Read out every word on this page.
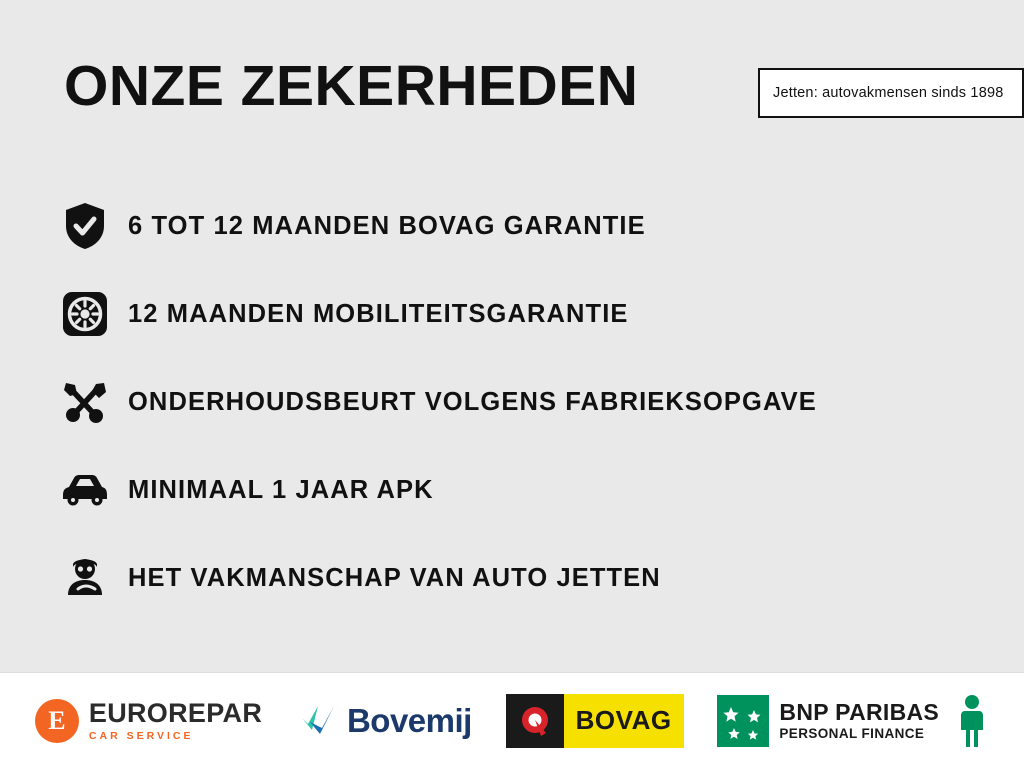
ONZE ZEKERHEDEN	Jetten: autovakmensen sinds 1898
6 TOT 12 MAANDEN BOVAG GARANTIE
12 MAANDEN MOBILITEITSGARANTIE
ONDERHOUDSBEURT VOLGENS FABRIEKSOPGAVE
MINIMAAL 1 JAAR APK
HET VAKMANSCHAP VAN AUTO JETTEN
E EUROREPAR
CAR SERVICE	Bovemij	BOVAG	BNP PARIBAS
PERSONAL FINANCE
